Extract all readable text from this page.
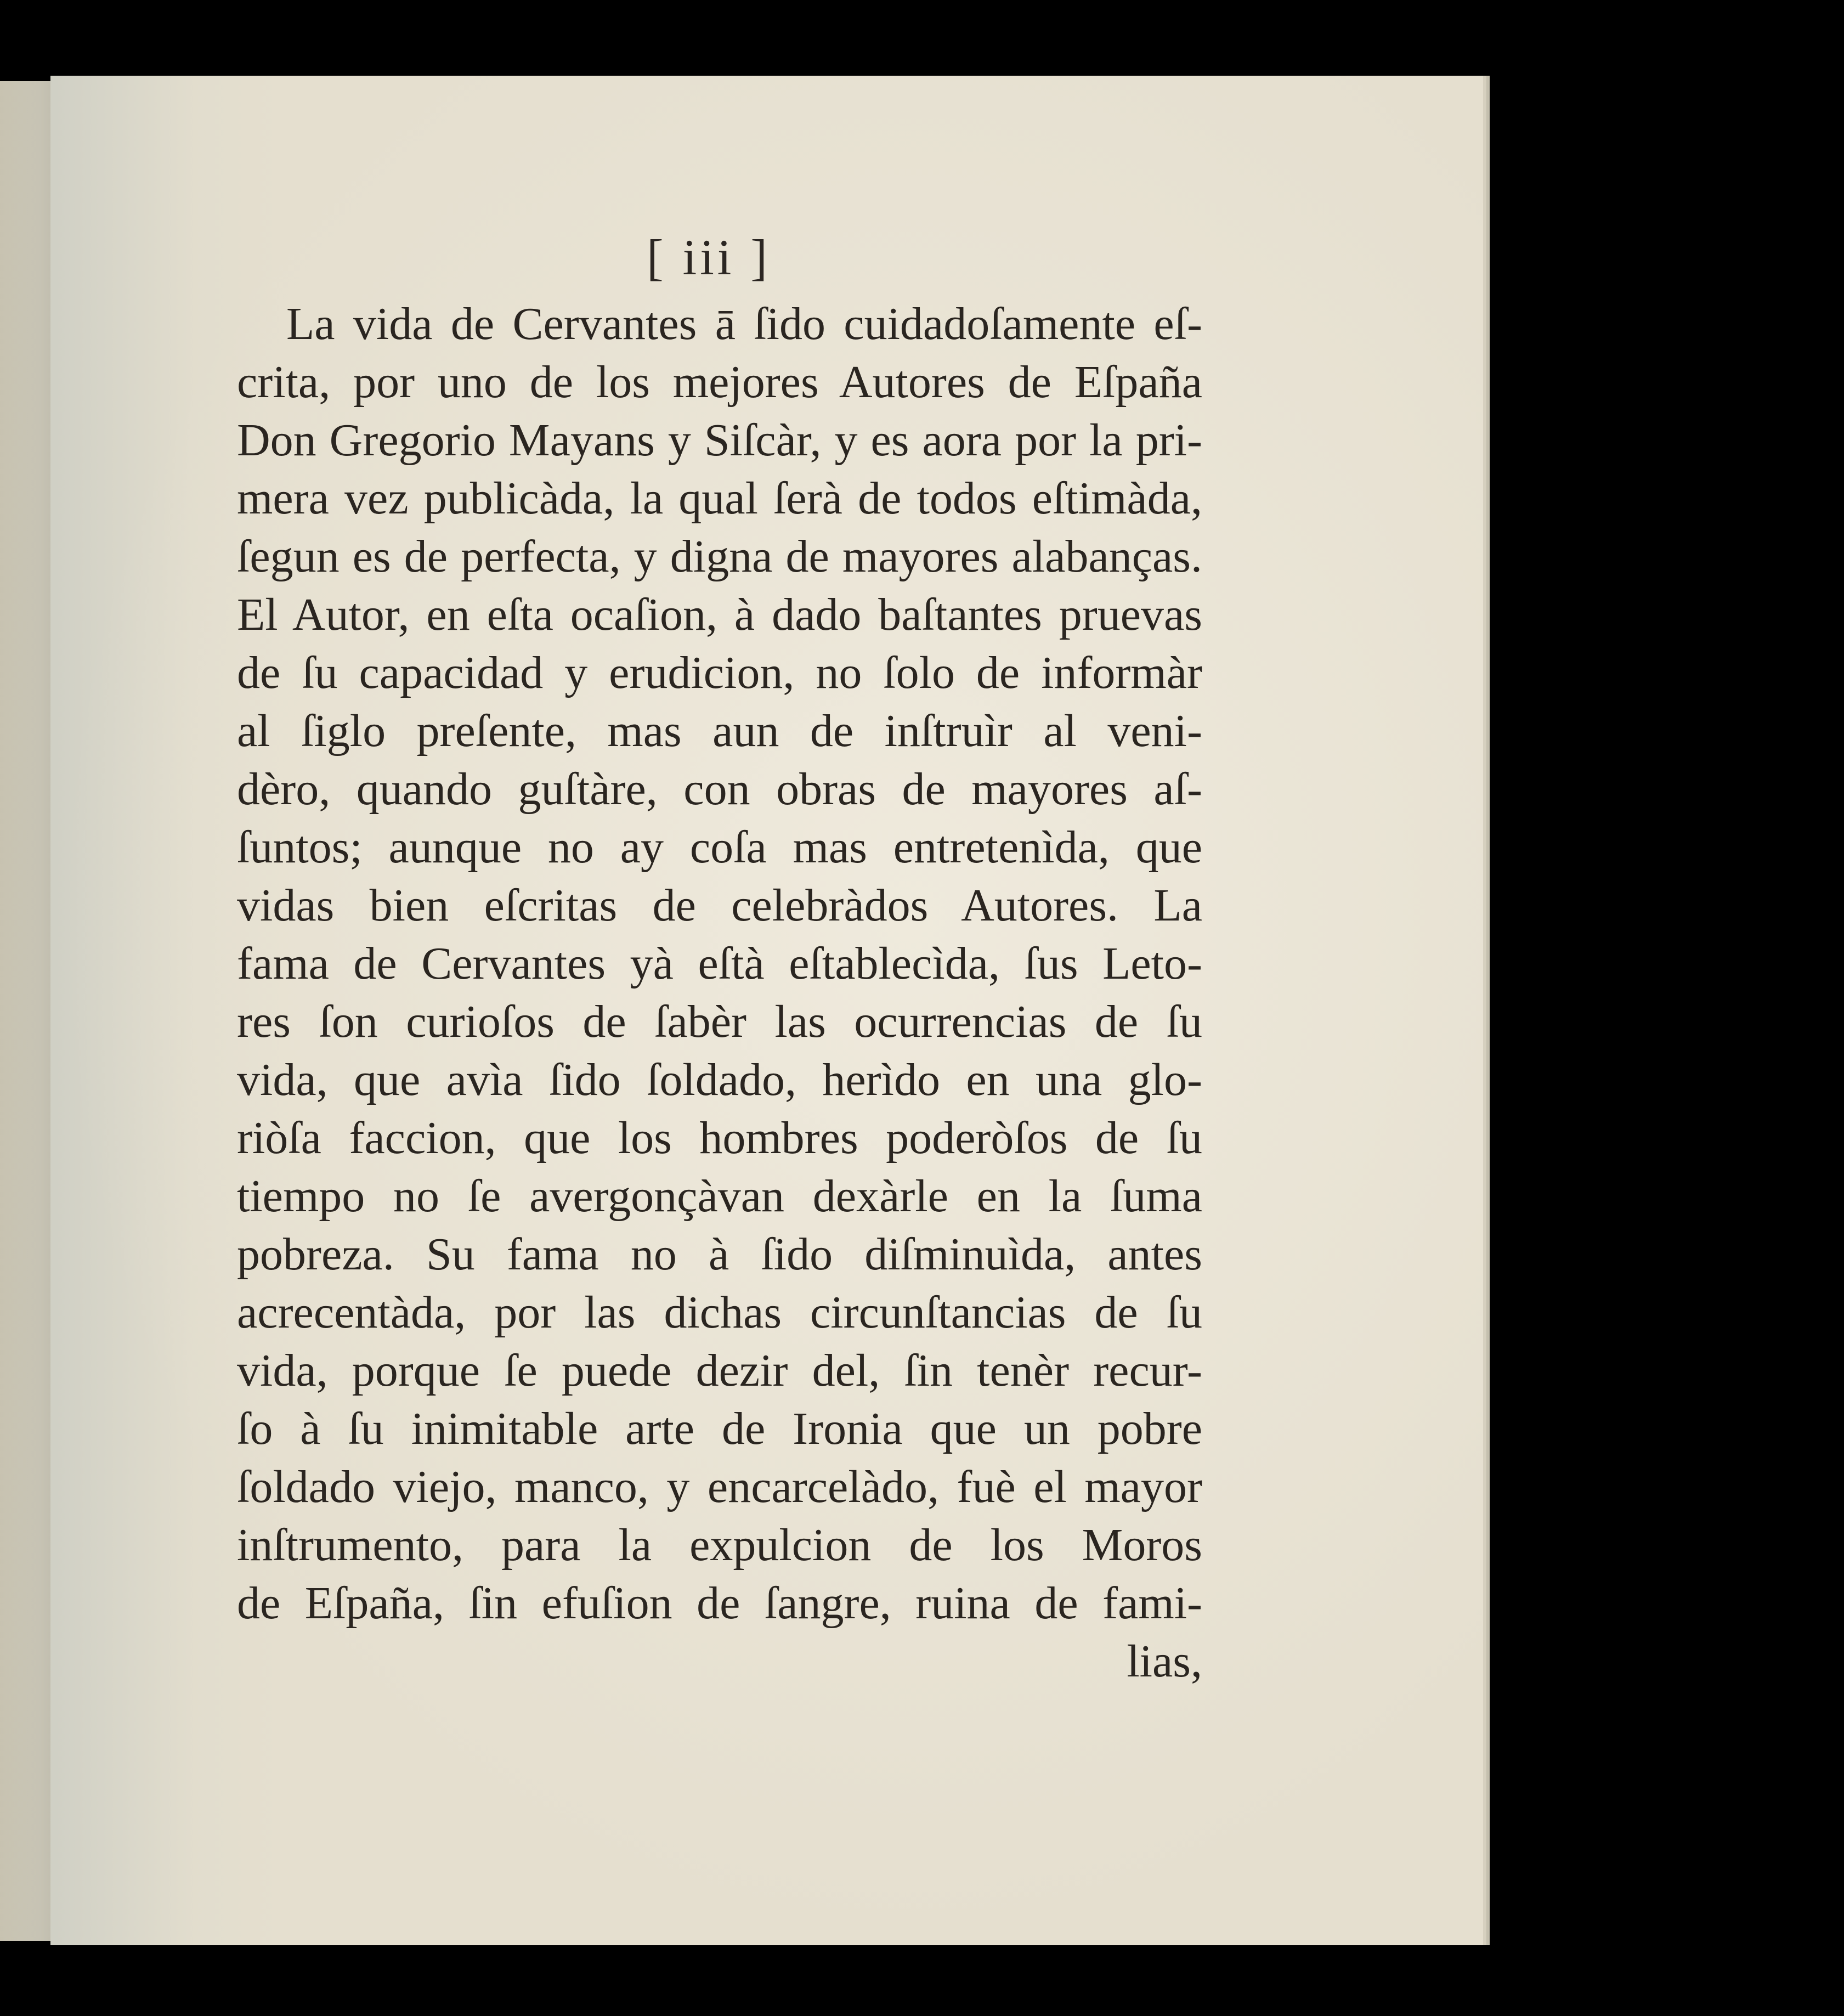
[ iii ]
La vida de Cervantes ā ſido cuidadoſamente eſ-
crita, por uno de los mejores Autores de Eſpaña
Don Gregorio Mayans y Siſcàr, y es aora por la pri-
mera vez publicàda, la qual ſerà de todos eſtimàda,
ſegun es de perfecta, y digna de mayores alabanças.
El Autor, en eſta ocaſion, à dado baſtantes pruevas
de ſu capacidad y erudicion, no ſolo de informàr
al ſiglo preſente, mas aun de inſtruìr al veni-
dèro, quando guſtàre, con obras de mayores aſ-
ſuntos; aunque no ay coſa mas entretenìda, que
vidas bien eſcritas de celebràdos Autores. La
fama de Cervantes yà eſtà eſtablecìda, ſus Leto-
res ſon curioſos de ſabèr las ocurrencias de ſu
vida, que avìa ſido ſoldado, herìdo en una glo-
riòſa faccion, que los hombres poderòſos de ſu
tiempo no ſe avergonçàvan dexàrle en la ſuma
pobreza. Su fama no à ſido diſminuìda, antes
acrecentàda, por las dichas circunſtancias de ſu
vida, porque ſe puede dezir del, ſin tenèr recur-
ſo à ſu inimitable arte de Ironia que un pobre
ſoldado viejo, manco, y encarcelàdo, fuè el mayor
inſtrumento, para la expulcion de los Moros
de Eſpaña, ſin efuſion de ſangre, ruina de fami-
lias,
